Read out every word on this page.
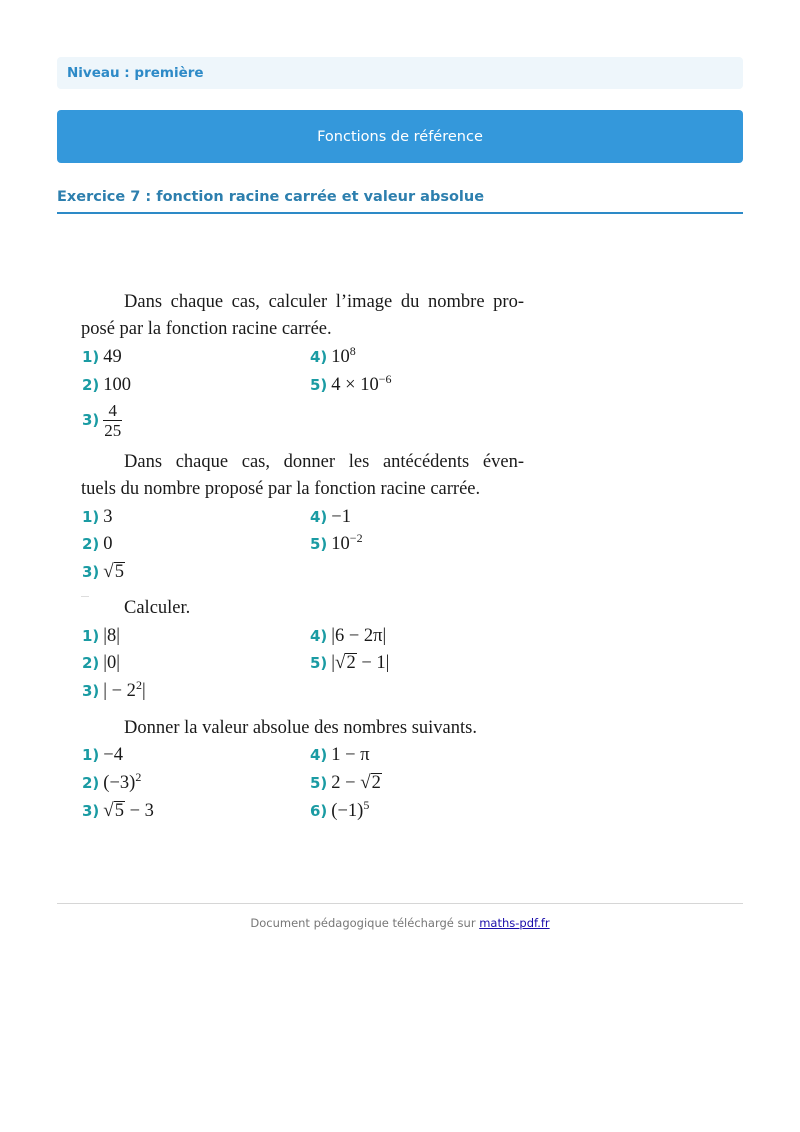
Niveau : première
Fonctions de référence
Exercice 7 : fonction racine carrée et valeur absolue
Dans chaque cas, calculer l’image du nombre pro-
posé par la fonction racine carrée.
1) 49
2) 100
$3) \frac{4}{25}$
4) $10^8$
5) $4 \times 10^{-6}$
Dans chaque cas, donner les antécédents éven-
tuels du nombre proposé par la fonction racine carrée.
1) 3
2) 0
3) √5
4) −1
5) $10^{-2}$
Calculer.
1) |8|
2) |0|
3) | − $2^2|$
4) |6 − 2π|
5) |√2 − 1|
Donner la valeur absolue des nombres suivants.
1) −4
2) $(-3)^2$
3) √5 − 3
4) 1 − π
5) 2 − √2
6) $(-1)^5$
Document pédagogique téléchargé sur maths-pdf.fr
